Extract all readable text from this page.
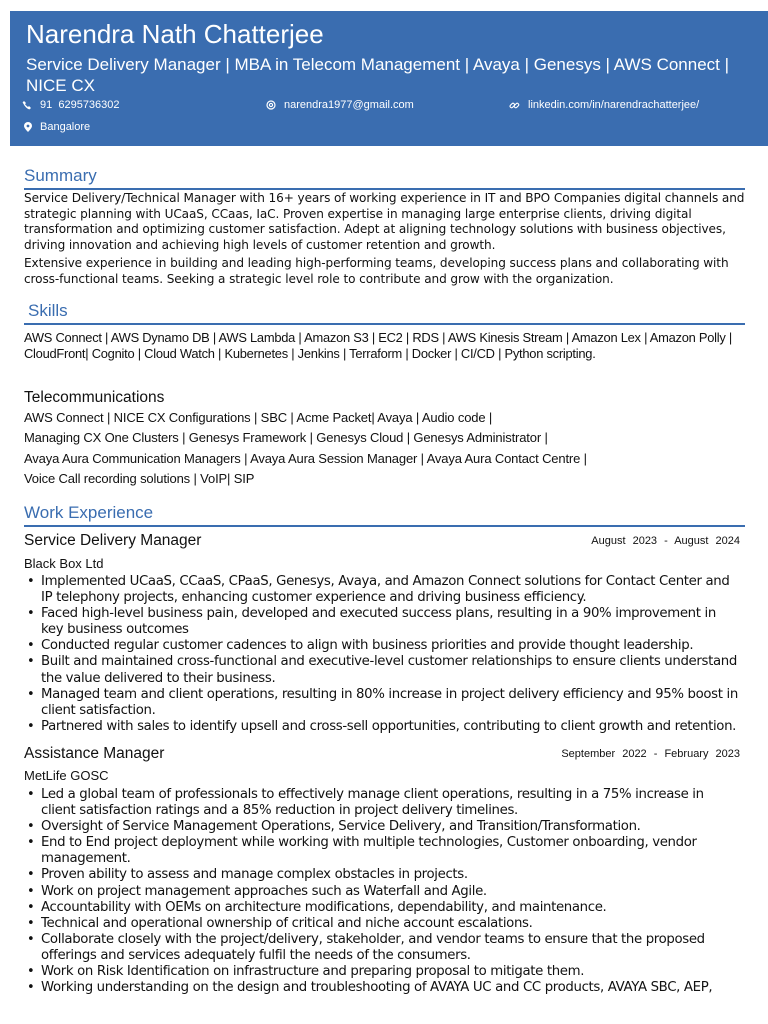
Narendra Nath Chatterjee
Service Delivery Manager | MBA in Telecom Management | Avaya | Genesys | AWS Connect | NICE CX
91  6295736302	narendra1977@gmail.com	linkedin.com/in/narendrachatterjee/
Bangalore
Summary
Service Delivery/Technical Manager with 16+ years of working experience in IT and BPO Companies digital channels and strategic planning with UCaaS, CCaas, IaC. Proven expertise in managing large enterprise clients, driving digital transformation and optimizing customer satisfaction. Adept at aligning technology solutions with business objectives, driving innovation and achieving high levels of customer retention and growth.
Extensive experience in building and leading high-performing teams, developing success plans and collaborating with cross-functional teams. Seeking a strategic level role to contribute and grow with the organization.
Skills
AWS Connect | AWS Dynamo DB | AWS Lambda | Amazon S3 | EC2 | RDS | AWS Kinesis Stream | Amazon Lex | Amazon Polly | CloudFront| Cognito | Cloud Watch | Kubernetes | Jenkins | Terraform | Docker | CI/CD | Python scripting.
Telecommunications
AWS Connect | NICE CX Configurations | SBC | Acme Packet| Avaya | Audio code |
Managing CX One Clusters | Genesys Framework | Genesys Cloud | Genesys Administrator |
Avaya Aura Communication Managers | Avaya Aura Session Manager | Avaya Aura Contact Centre |
Voice Call recording solutions | VoIP| SIP
Work Experience
Service Delivery Manager	August 2023 - August 2024
Black Box Ltd
• Implemented UCaaS, CCaaS, CPaaS, Genesys, Avaya, and Amazon Connect solutions for Contact Center and IP telephony projects, enhancing customer experience and driving business efficiency.
• Faced high-level business pain, developed and executed success plans, resulting in a 90% improvement in key business outcomes
• Conducted regular customer cadences to align with business priorities and provide thought leadership.
• Built and maintained cross-functional and executive-level customer relationships to ensure clients understand the value delivered to their business.
• Managed team and client operations, resulting in 80% increase in project delivery efficiency and 95% boost in client satisfaction.
• Partnered with sales to identify upsell and cross-sell opportunities, contributing to client growth and retention.
Assistance Manager	September 2022 - February 2023
MetLife GOSC
• Led a global team of professionals to effectively manage client operations, resulting in a 75% increase in client satisfaction ratings and a 85% reduction in project delivery timelines.
• Oversight of Service Management Operations, Service Delivery, and Transition/Transformation.
• End to End project deployment while working with multiple technologies, Customer onboarding, vendor management.
• Proven ability to assess and manage complex obstacles in projects.
• Work on project management approaches such as Waterfall and Agile.
• Accountability with OEMs on architecture modifications, dependability, and maintenance.
• Technical and operational ownership of critical and niche account escalations.
• Collaborate closely with the project/delivery, stakeholder, and vendor teams to ensure that the proposed offerings and services adequately fulfil the needs of the consumers.
• Work on Risk Identification on infrastructure and preparing proposal to mitigate them.
• Working understanding on the design and troubleshooting of AVAYA UC and CC products, AVAYA SBC, AEP,
